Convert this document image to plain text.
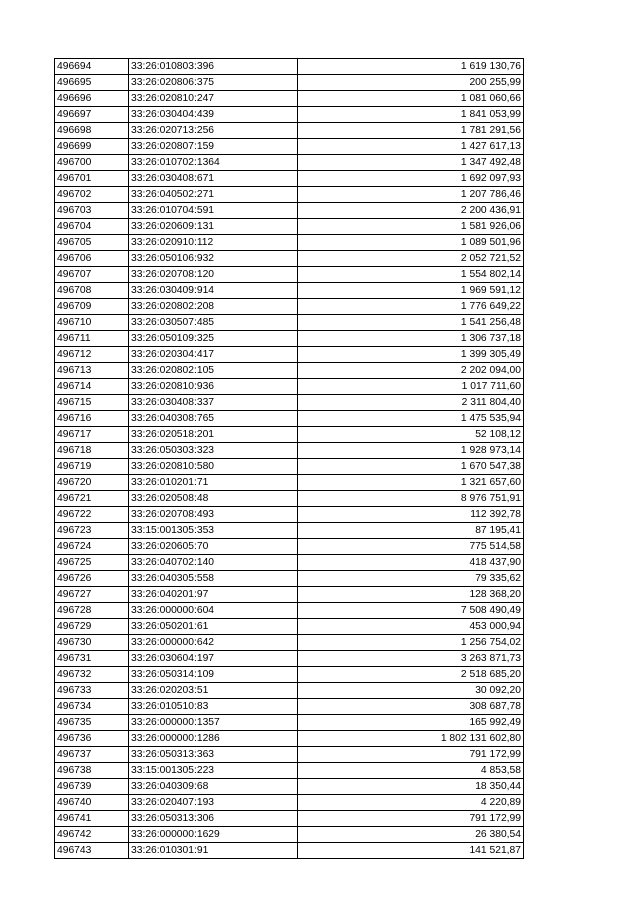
496694	33:26:010803:396	1 619 130,76
496695	33:26:020806:375	200 255,99
496696	33:26:020810:247	1 081 060,66
496697	33:26:030404:439	1 841 053,99
496698	33:26:020713:256	1 781 291,56
496699	33:26:020807:159	1 427 617,13
496700	33:26:010702:1364	1 347 492,48
496701	33:26:030408:671	1 692 097,93
496702	33:26:040502:271	1 207 786,46
496703	33:26:010704:591	2 200 436,91
496704	33:26:020609:131	1 581 926,06
496705	33:26:020910:112	1 089 501,96
496706	33:26:050106:932	2 052 721,52
496707	33:26:020708:120	1 554 802,14
496708	33:26:030409:914	1 969 591,12
496709	33:26:020802:208	1 776 649,22
496710	33:26:030507:485	1 541 256,48
496711	33:26:050109:325	1 306 737,18
496712	33:26:020304:417	1 399 305,49
496713	33:26:020802:105	2 202 094,00
496714	33:26:020810:936	1 017 711,60
496715	33:26:030408:337	2 311 804,40
496716	33:26:040308:765	1 475 535,94
496717	33:26:020518:201	52 108,12
496718	33:26:050303:323	1 928 973,14
496719	33:26:020810:580	1 670 547,38
496720	33:26:010201:71	1 321 657,60
496721	33:26:020508:48	8 976 751,91
496722	33:26:020708:493	112 392,78
496723	33:15:001305:353	87 195,41
496724	33:26:020605:70	775 514,58
496725	33:26:040702:140	418 437,90
496726	33:26:040305:558	79 335,62
496727	33:26:040201:97	128 368,20
496728	33:26:000000:604	7 508 490,49
496729	33:26:050201:61	453 000,94
496730	33:26:000000:642	1 256 754,02
496731	33:26:030604:197	3 263 871,73
496732	33:26:050314:109	2 518 685,20
496733	33:26:020203:51	30 092,20
496734	33:26:010510:83	308 687,78
496735	33:26:000000:1357	165 992,49
496736	33:26:000000:1286	1 802 131 602,80
496737	33:26:050313:363	791 172,99
496738	33:15:001305:223	4 853,58
496739	33:26:040309:68	18 350,44
496740	33:26:020407:193	4 220,89
496741	33:26:050313:306	791 172,99
496742	33:26:000000:1629	26 380,54
496743	33:26:010301:91	141 521,87
